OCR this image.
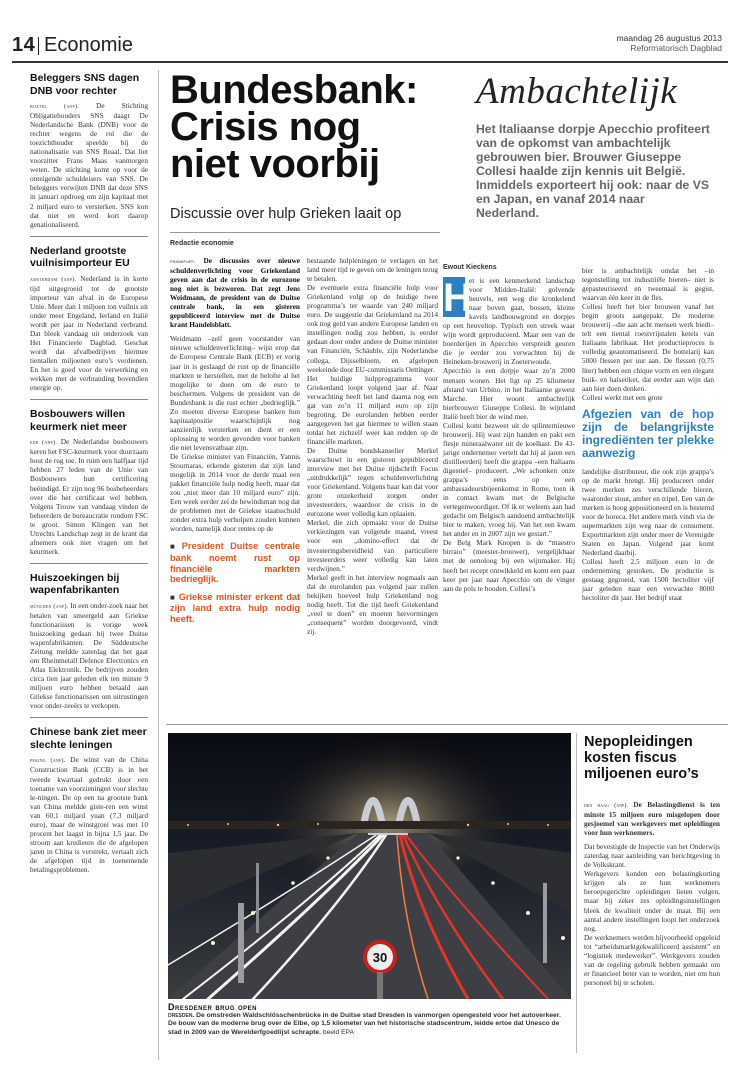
14 Economie	maandag 26 augustus 2013
Reformatorisch Dagblad
Beleggers SNS dagen DNB voor rechter
boxtel (anp). De Stichting Obligatiehouders SNS daagt De Nederlandsche Bank (DNB) voor de rechter wegens de rol die de toezichthouder speelde bij de nationalisatie van SNS Reaal. Dat liet voorzitter Frans Maas vanmorgen weten. De stichting komt op voor de onteigende schuldeisers van SNS. De beleggers verwijten DNB dat deze SNS in januari opdroeg om zijn kapitaal met 2 miljard euro te versterken. SNS kon dat niet en werd kort daarop genationaliseerd.
Nederland grootste vuilnisimporteur EU
amsterdam (anp). Nederland is in korte tijd uitgegroeid tot de grootste importeur van afval in de Europese Unie. Meer dan 1 miljoen ton vuilnis uit onder meer Engeland, Ierland en Italië wordt per jaar in Nederland verbrand. Dat bleek vandaag uit onderzoek van Het Financieele Dagblad. Geschat wordt dat afvalbedrijven hiermee tientallen miljoenen euro’s verdienen. En het is goed voor de verwerking en wekken met de verbranding bovendien energie op.
Bosbouwers willen keurmerk niet meer
ede (anp). De Nederlandse bosbouwers keren het FSC-keurmerk voor duurzaam hout de rug toe. In ruim een halfjaar tijd hebben 27 leden van de Unie van Bosbouwers hun certificering beëindigd. Er zijn nog 96 bosbeheerders over die het certificaat wel hebben. Volgens Trouw van vandaag vinden de beheerders de bureaucratie rondom FSC te groot. Simon Klingen van het Utrechts Landschap zegt in de krant dat afnemers ook niet vragen om het keurmerk.
Huiszoekingen bij wapenfabrikanten
münchen (anp). In een onder-zoek naar het betalen van smeergeld aan Griekse functionarissen is vorige week huiszoeking gedaan bij twee Duitse wapenfabrikanten. De Süddeutsche Zeitung meldde zaterdag dat het gaat om Rheinmetall Defence Electronics en Atlas Elektronik. De bedrijven zouden circa tien jaar geleden elk ten minste 9 miljoen euro hebben betaald aan Griekse functionarissen om uitrustingen voor onder-zeeërs te verkopen.
Chinese bank ziet meer slechte leningen
peking (anp). De winst van de China Construction Bank (CCB) is in het tweede kwartaal gedrukt door een toename van voorzieningen voor slechte le-ningen. De op een na grootste bank van China meldde giste-ren een winst van 60,1 miljard yuan (7,3 miljard euro), maar de winstgroei was met 10 procent het laagst in bijna 1,5 jaar. De stroom aan kredieten die de afgelopen jaren in China is verstrekt, vertaalt zich de afgelopen tijd in toenemende betalingsproblemen.
Bundesbank: Crisis nog niet voorbij
Discussie over hulp Grieken laait op
Redactie economie

frankfurt. De discussies over nieuwe schuldenverlichting voor Griekenland geven aan dat de crisis in de eurozone nog niet is bezworen. Dat zegt Jens Weidmann, de president van de Duitse centrale bank, in een gisteren gepubliceerd interview met de Duitse krant Handelsblatt.

Weidmann –zelf geen voorstander van nieuwe schuldenverlichting– wijst erop dat de Europese Centrale Bank (ECB) er vorig jaar in is geslaagd de rust op de financiële markten te herstellen, met de belofte al het mogelijke te doen om de euro te beschermen. Volgens de president van de Bundesbank is die rust echter „bedrieglijk.” Zo moeten diverse Europese banken hun kapitaalpositie waarschijnlijk nog aanzienlijk versterken en dient er een oplossing te worden gevonden voor banken die niet levensvatbaar zijn.
De Griekse minister van Financiën, Yannis Stournaras, erkende gisteren dat zijn land mogelijk in 2014 voor de derde maal een pakket financiële hulp nodig heeft, maar dat zou „niet meer dan 10 miljard euro” zijn. Een week eerder zei de bewindsman nog dat de problemen met de Griekse staatsschuld zonder extra hulp verholpen zouden kunnen worden, namelijk door rentes op de

■ President Duitse centrale bank noemt rust op financiële markten bedrieglijk.
■ Griekse minister erkent dat zijn land extra hulp nodig heeft.
bestaande hulpleningen te verlagen en het land meer tijd te geven om de leningen terug te betalen.
De eventuele extra financiële hulp voor Griekenland volgt op de huidige twee programma’s ter waarde van 240 miljard euro. De suggestie dat Griekenland na 2014 ook nog geld van andere Europese landen en instellingen nodig zou hebben, is eerder gedaan door onder andere de Duitse minister van Financiën, Schäuble, zijn Nederlandse collega, Dijsselbloem, en afgelopen weekeinde door EU-commissaris Oettinger.
Het huidige hulpprogramma voor Griekenland loopt volgend jaar af. Naar verwachting heeft het land daarna nog een gat van zo’n 11 miljard euro op zijn begroting. De eurolanden hebben eerder aangegeven het gat hiermee te willen staan totdat het zichzelf weer kan redden op de financiële markten.
De Duitse bondskanselier Merkel waarschuwt in een gisteren gepubliceerd interview met het Duitse tijdschrift Focus „uitdrukkelijk” tegen schuldenverlichting voor Griekenland. Volgens haar kan dat voor grote onzekerheid zorgen onder investeerders, waardoor de crisis in de eurozone weer volledig kan oplaaien.
Merkel, die zich opmaakt voor de Duitse verkiezingen van volgende maand, vreest voor een „domino-effect dat de investeringsbereidheid van particuliere investeerders weer volledig kan laten verdwijnen.”
Merkel geeft in het interview nogmaals aan dat de eurolanden pas volgend jaar zullen bekijken hoeveel hulp Griekenland nog nodig heeft. Tot die tijd heeft Griekenland „veel te doen” en moeten hervormingen „consequent” worden doorgevoerd, vindt zij.
Ambachtelijk
Het Italiaanse dorpje Apecchio profiteert van de opkomst van ambachtelijk gebrouwen bier. Brouwer Giuseppe Collesi haalde zijn kennis uit België. Inmiddels exporteert hij ook: naar de VS en Japan, en vanaf 2014 naar Nederland.
Ewout Kieckens
H
et is een kenmerkend landschap voor Midden-Italië: golvende heuvels, een weg die kronkelend naar boven gaat, bossen, kleine kavels landbouwgrond en dorpjes op een heuveltop. Typisch een streek waar wijn wordt geproduceerd. Maar een van de boerderijen in Apecchio verspreidt geuren die je eerder zou verwachten bij de Heineken-brouwerij in Zoeterwoude.
Apecchio is een dorpje waar zo’n 2000 mensen wonen. Het ligt op 25 kilometer afstand van Urbino, in het Italiaanse gewest Marche. Hier woont ambachtelijk bierbrouwer Giuseppe Collesi. In wijnland Italië heeft bier de wind mee.
Collesi komt bezweet uit de splinternieuwe brouwerij. Hij wast zijn handen en pakt een flesje mineraalwater uit de koelkast. De 43-jarige ondernemer vertelt dat hij al jaren een distilleerderij heeft die grappa –een Italiaans digestief– produceert. „We schonken onze grappa’s eens op een ambassadeursbijeenkomst in Rome, toen ik in contact kwam met de Belgische vertegenwoordiger. Of ik er weleens aan had gedacht om Belgisch aandoend ambachtelijk bier te maken, vroeg hij. Van het een kwam het ander en in 2007 zijn we gestart.”
De Belg Mark Knopen is de “maestro birraio” (meester-brouwer), vergelijkbaar met de oenoloog bij een wijnmaker. Hij heeft het recept ontwikkeld en komt een paar keer per jaar naar Apecchio om de vinger aan de pols te houden. Collesi’s
bier is ambachtelijk omdat het –in tegenstelling tot industriële bieren– niet is gepasteuriseerd en tweemaal is gegist, waarvan één keer in de fles.
Collesi heeft het bier brouwen vanaf het begin groots aangepakt. De moderne brouwerij –die aan acht mensen werk biedt– telt een tiental roestvrijstalen ketels van Italiaans fabrikaat. Het productieproces is volledig geautomatiseerd. De bottelarij kan 5000 flessen per uur aan. De flessen (0,75 liter) hebben een chique vorm en een elegant buik- en halsetiket, dat eerder aan wijn dan aan bier doen denken.
Collesi werkt met een grote
Afgezien van de hop zijn de belangrijkste ingrediënten ter plekke aanwezig
landelijke distributeur, die ook zijn grappa’s op de markt brengt. Hij produceert onder twee merken zes verschillende bieren, waaronder stout, amber en tripel. Een van de merken is hoog gepositioneerd en is bestemd voor de horeca. Het andere merk vindt via de supermarkten zijn weg naar de consument. Exportmarkten zijn onder meer de Verenigde Staten en Japan. Volgend jaar komt Nederland daarbij.
Collesi heeft 2,5 miljoen euro in de onderneming gestoken. De productie is gestaag gegroeid, van 1500 hectoliter vijf jaar geleden naar een verwachte 8000 hectoliter dit jaar. Het bedrijf staat
30
Dresdener brug open
dresden. De omstreden Waldschlösschenbrücke in de Duitse stad Dresden is vanmorgen opengesteld voor het autoverkeer. De bouw van de moderne brug over de Elbe, op 1,5 kilometer van het historische stadscentrum, leidde ertoe dat Unesco de stad in 2009 van de Werelderfgoedlijst schrapte. beeld EPA
Nepopleidingen kosten fiscus miljoenen euro’s

den haag (anp). De Belastingdienst is ten minste 15 miljoen euro misgelopen door gesjoemel van werkgevers met opleidingen voor hun werknemers.

Dat bevestigde de Inspectie van het Onderwijs zaterdag naar aanleiding van berichtgeving in de Volkskrant.
Werkgevers konden een belastingkorting krijgen als ze hun werknemers beroepsgerichte opleidingen lieten volgen, maar bij zeker zes opleidingsinstellingen bleek de kwaliteit onder de maat. Bij een aantal andere instellingen loopt het onderzoek nog.
De werknemers werden bijvoorbeeld opgeleid tot “arbeidsmarktgekwalificeerd assistent” en “logistiek medewerker”. Werkgevers zouden van de regeling gebruik hebben gemaakt om er financieel beter van te worden, niet om hun personeel bij te scholen.
